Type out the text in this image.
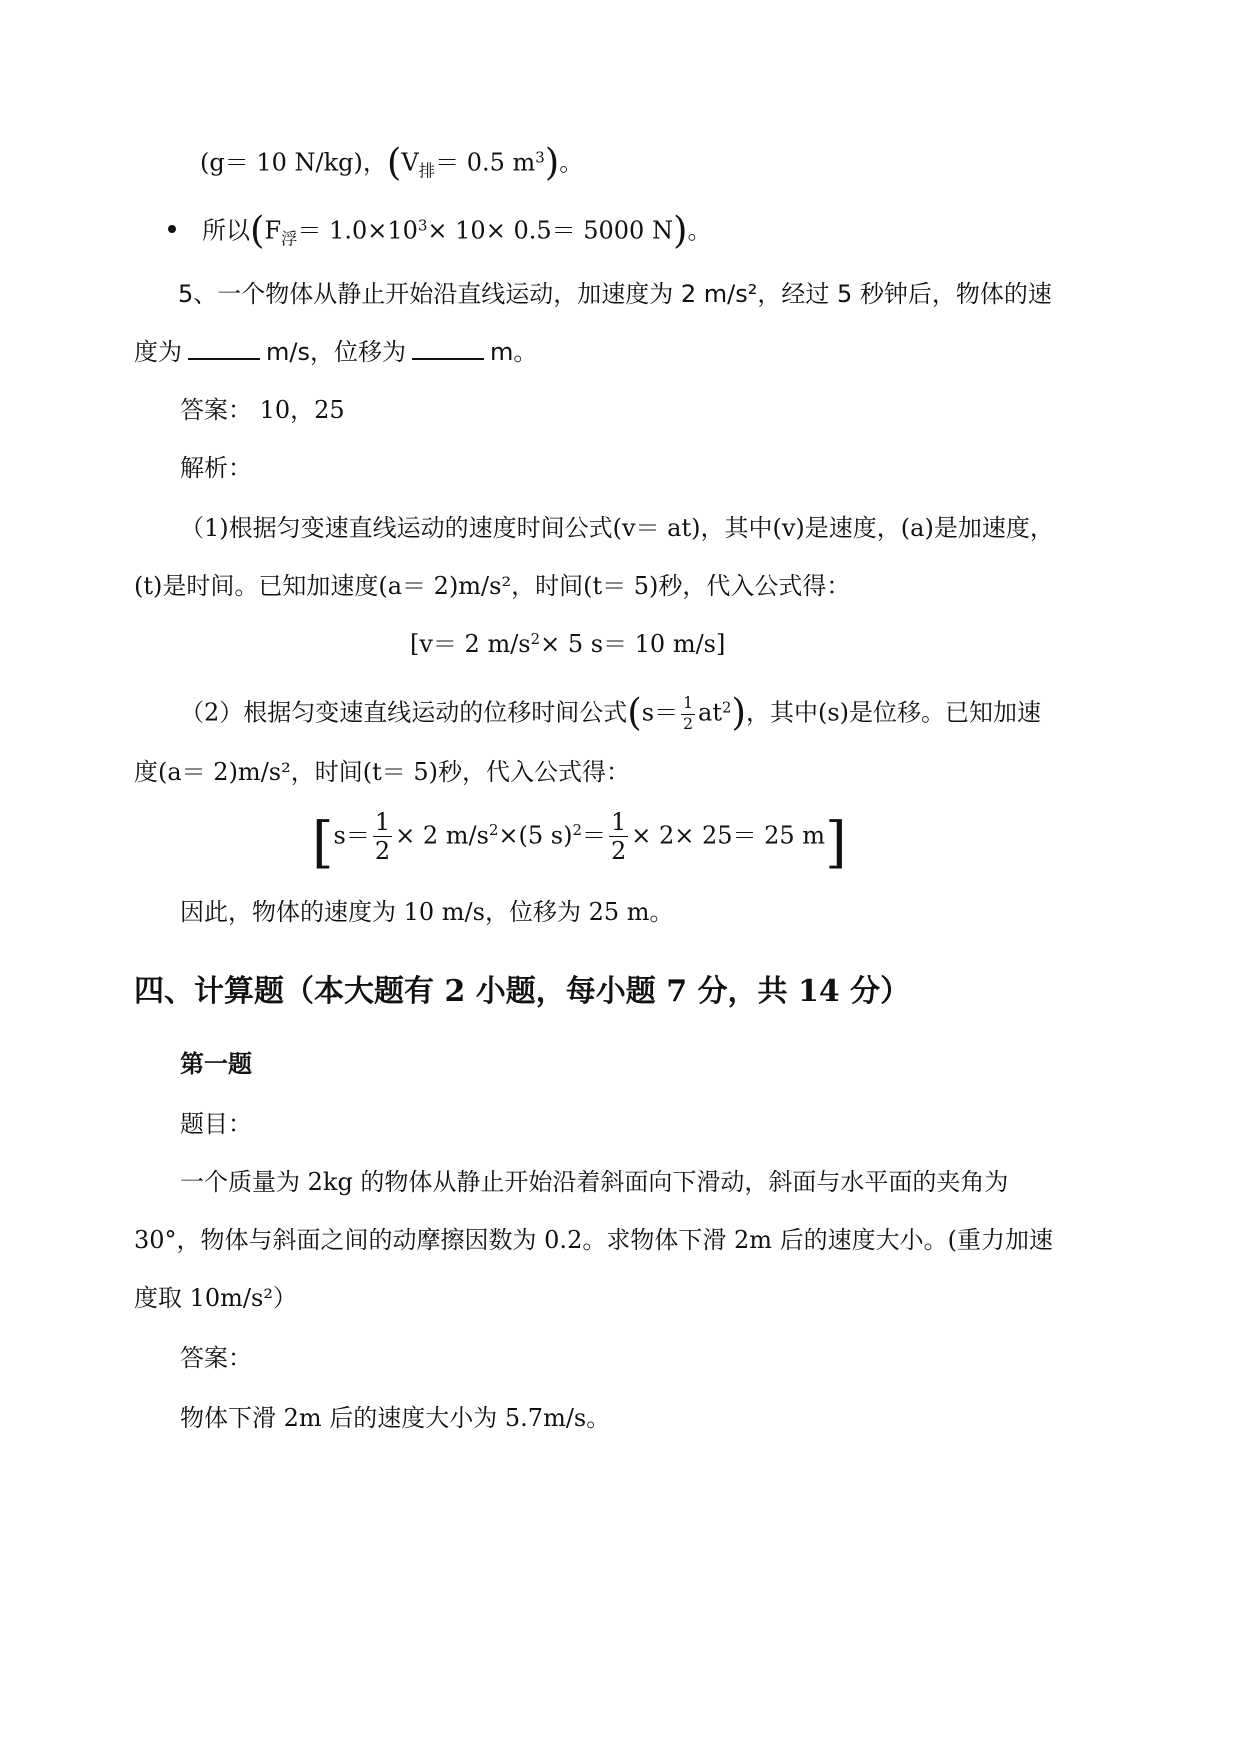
(g＝ 10 N/kg)，($V_排= 0.5$ $m^3$)。
所以($F_浮= 1.0\times 10^3\times 10\times 0.5= 5000$ N)。
5、一个物体从静止开始沿直线运动，加速度为 2 m/s²，经过 5 秒钟后，物体的速
度为	m/s，位移为	m。
答案： 10，25
解析：
（1)根据匀变速直线运动的速度时间公式(v＝ at)，其中(v)是速度，(a)是加速度，
(t)是时间。已知加速度(a＝ 2)m/s²，时间(t＝ 5)秒，代入公式得：
[v＝ 2 $m/s^2\times 5$ s＝ 10 m/s]
（2）根据匀变速直线运动的位移时间公式$(s= \frac{1}{2} at^2)$，其中(s)是位移。已知加速
度(a＝ 2)m/s²，时间(t＝ 5)秒，代入公式得：
[$s= \frac{1}{2} \times 2$ $m/s^2\times(5$ $s)^2= \frac{1}{2} \times 2\times 25= 25$ m]
因此，物体的速度为 10 m/s，位移为 25 m。
四、计算题（本大题有 2 小题，每小题 7 分，共 14 分）
第一题
题目：
一个质量为 2kg 的物体从静止开始沿着斜面向下滑动，斜面与水平面的夹角为
30°，物体与斜面之间的动摩擦因数为 0.2。求物体下滑 2m 后的速度大小。(重力加速
度取 10m/s²）
答案：
物体下滑 2m 后的速度大小为 5.7m/s。
